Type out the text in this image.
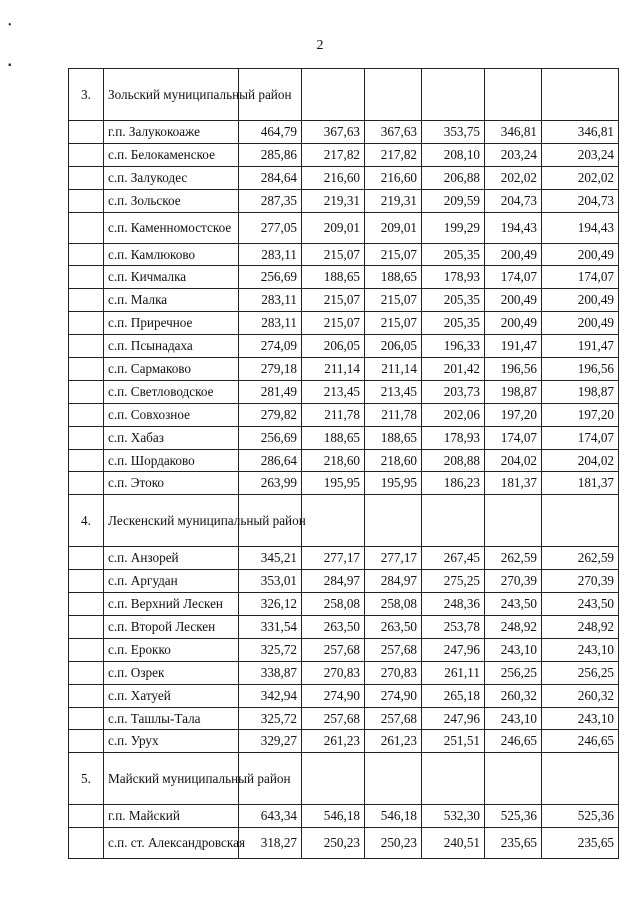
•
▪
2
3.	Зольский муниципальный район						
	г.п. Залукокоаже	464,79	367,63	367,63	353,75	346,81	346,81
	с.п. Белокаменское	285,86	217,82	217,82	208,10	203,24	203,24
	с.п. Залукодес	284,64	216,60	216,60	206,88	202,02	202,02
	с.п. Зольское	287,35	219,31	219,31	209,59	204,73	204,73
	с.п. Каменномостское	277,05	209,01	209,01	199,29	194,43	194,43
	с.п. Камлюково	283,11	215,07	215,07	205,35	200,49	200,49
	с.п. Кичмалка	256,69	188,65	188,65	178,93	174,07	174,07
	с.п. Малка	283,11	215,07	215,07	205,35	200,49	200,49
	с.п. Приречное	283,11	215,07	215,07	205,35	200,49	200,49
	с.п. Псынадаха	274,09	206,05	206,05	196,33	191,47	191,47
	с.п. Сармаково	279,18	211,14	211,14	201,42	196,56	196,56
	с.п. Светловодское	281,49	213,45	213,45	203,73	198,87	198,87
	с.п. Совхозное	279,82	211,78	211,78	202,06	197,20	197,20
	с.п. Хабаз	256,69	188,65	188,65	178,93	174,07	174,07
	с.п. Шордаково	286,64	218,60	218,60	208,88	204,02	204,02
	с.п. Этоко	263,99	195,95	195,95	186,23	181,37	181,37
4.	Лескенский муниципальный район						
	с.п. Анзорей	345,21	277,17	277,17	267,45	262,59	262,59
	с.п. Аргудан	353,01	284,97	284,97	275,25	270,39	270,39
	с.п. Верхний Лескен	326,12	258,08	258,08	248,36	243,50	243,50
	с.п. Второй Лескен	331,54	263,50	263,50	253,78	248,92	248,92
	с.п. Ерокко	325,72	257,68	257,68	247,96	243,10	243,10
	с.п. Озрек	338,87	270,83	270,83	261,11	256,25	256,25
	с.п. Хатуей	342,94	274,90	274,90	265,18	260,32	260,32
	с.п. Ташлы-Тала	325,72	257,68	257,68	247,96	243,10	243,10
	с.п. Урух	329,27	261,23	261,23	251,51	246,65	246,65
5.	Майский муниципальный район						
	г.п. Майский	643,34	546,18	546,18	532,30	525,36	525,36
	с.п. ст. Александровская	318,27	250,23	250,23	240,51	235,65	235,65
